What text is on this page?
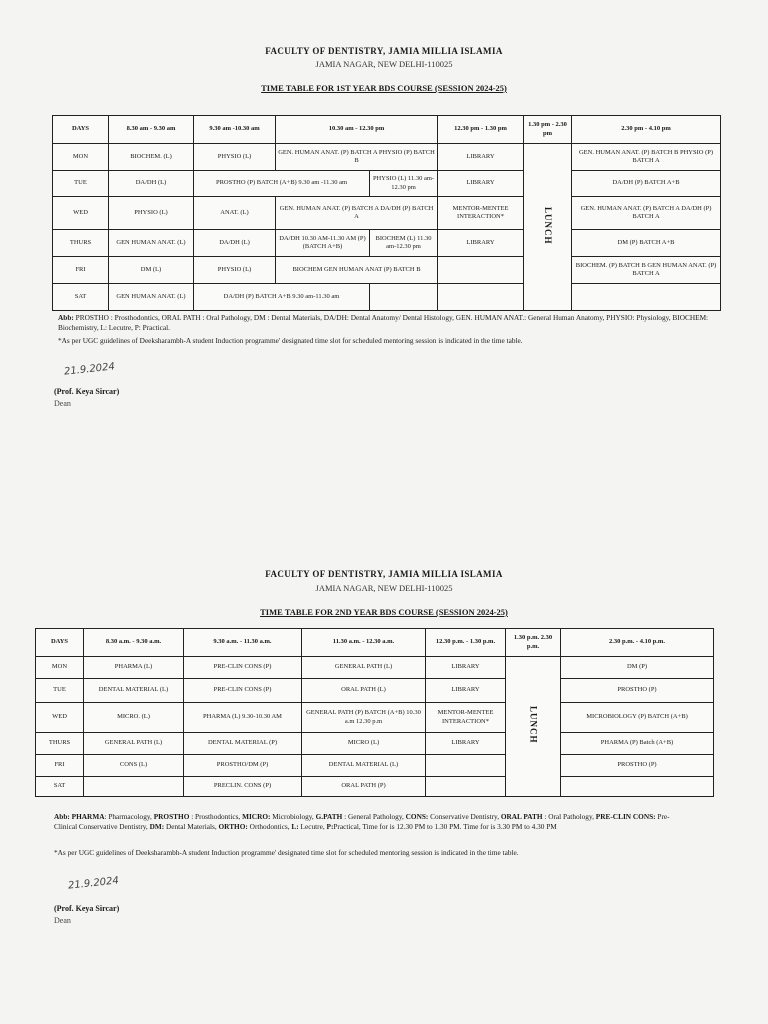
FACULTY OF DENTISTRY, JAMIA MILLIA ISLAMIA
JAMIA NAGAR, NEW DELHI-110025
TIME TABLE FOR 1ST YEAR BDS COURSE (SESSION 2024-25)
DAYS	8.30 am - 9.30 am	9.30 am -10.30 am	10.30 am - 12.30 pm		12.30 pm - 1.30 pm	1.30 pm - 2.30 pm	2.30 pm - 4.10 pm
MON	BIOCHEM. (L)	PHYSIO (L)	GEN. HUMAN ANAT. (P) BATCH A PHYSIO (P) BATCH B		LIBRARY	LUNCH	GEN. HUMAN ANAT. (P) BATCH B PHYSIO (P) BATCH A
TUE	DA/DH (L)	PROSTHO (P) BATCH (A+B) 9.30 am -11.30 am		PHYSIO (L) 11.30 am-12.30 pm	LIBRARY		DA/DH (P) BATCH A+B
WED	PHYSIO (L)	ANAT. (L)	GEN. HUMAN ANAT. (P) BATCH A DA/DH (P) BATCH A		MENTOR-MENTEE INTERACTION*		GEN. HUMAN ANAT. (P) BATCH A DA/DH (P) BATCH A
THURS	GEN HUMAN ANAT. (L)	DA/DH (L)	DA/DH 10.30 AM-11.30 AM (P) (BATCH A+B)	BIOCHEM (L) 11.30 am-12.30 pm	LIBRARY		DM (P) BATCH A+B
FRI	DM (L)	PHYSIO (L)	BIOCHEM GEN HUMAN ANAT (P) BATCH B				BIOCHEM. (P) BATCH B GEN HUMAN ANAT. (P) BATCH A
SAT	GEN HUMAN ANAT. (L)	DA/DH (P) BATCH A+B 9.30 am-11.30 am					
Abb: PROSTHO : Prosthodontics, ORAL PATH : Oral Pathology, DM : Dental Materials, DA/DH: Dental Anatomy/ Dental Histology, GEN. HUMAN ANAT.: General Human Anatomy, PHYSIO: Physiology, BIOCHEM: Biochemistry, L: Lecutre, P: Practical.
*As per UGC guidelines of Deeksharambh-A student Induction programme' designated time slot for scheduled mentoring session is indicated in the time table.
21.9.2024
(Prof. Keya Sircar)
Dean
FACULTY OF DENTISTRY, JAMIA MILLIA ISLAMIA
JAMIA NAGAR, NEW DELHI-110025
TIME TABLE FOR 2ND YEAR BDS COURSE (SESSION 2024-25)
DAYS	8.30 a.m. - 9.30 a.m.	9.30 a.m. - 11.30 a.m.	11.30 a.m. - 12.30 a.m.	12.30 p.m. - 1.30 p.m.	1.30 p.m. 2.30 p.m.	2.30 p.m. - 4.10 p.m.
MON	PHARMA (L)	PRE-CLIN CONS (P)	GENERAL PATH (L)	LIBRARY	LUNCH	DM (P)
TUE	DENTAL MATERIAL (L)	PRE-CLIN CONS (P)	ORAL PATH (L)	LIBRARY		PROSTHO (P)
WED	MICRO. (L)	PHARMA (L) 9.30-10.30 AM	GENERAL PATH (P) BATCH (A+B) 10.30 a.m 12.30 p.m	MENTOR-MENTEE INTERACTION*		MICROBIOLOGY (P) BATCH (A+B)
THURS	GENERAL PATH (L)	DENTAL MATERIAL (P)	MICRO (L)	LIBRARY		PHARMA (P) Batch (A+B)
FRI	CONS (L)	PROSTHO/DM (P)	DENTAL MATERIAL (L)			PROSTHO (P)
SAT		PRECLIN. CONS (P)	ORAL PATH (P)			
Abb: PHARMA: Pharmacology, PROSTHO : Prosthodontics, MICRO: Microbiology, G.PATH : General Pathology, CONS: Conservative Dentistry, ORAL PATH : Oral Pathology, PRE-CLIN CONS: Pre-Clinical Conservative Dentistry, DM: Dental Materials, ORTHO: Orthodontics, L: Lecutre, P:Practical, Time for is 12.30 PM to 1.30 PM. Time for is 3.30 PM to 4.30 PM
*As per UGC guidelines of Deeksharambh-A student Induction programme' designated time slot for scheduled mentoring session is indicated in the time table.
21.9.2024
(Prof. Keya Sircar)
Dean
